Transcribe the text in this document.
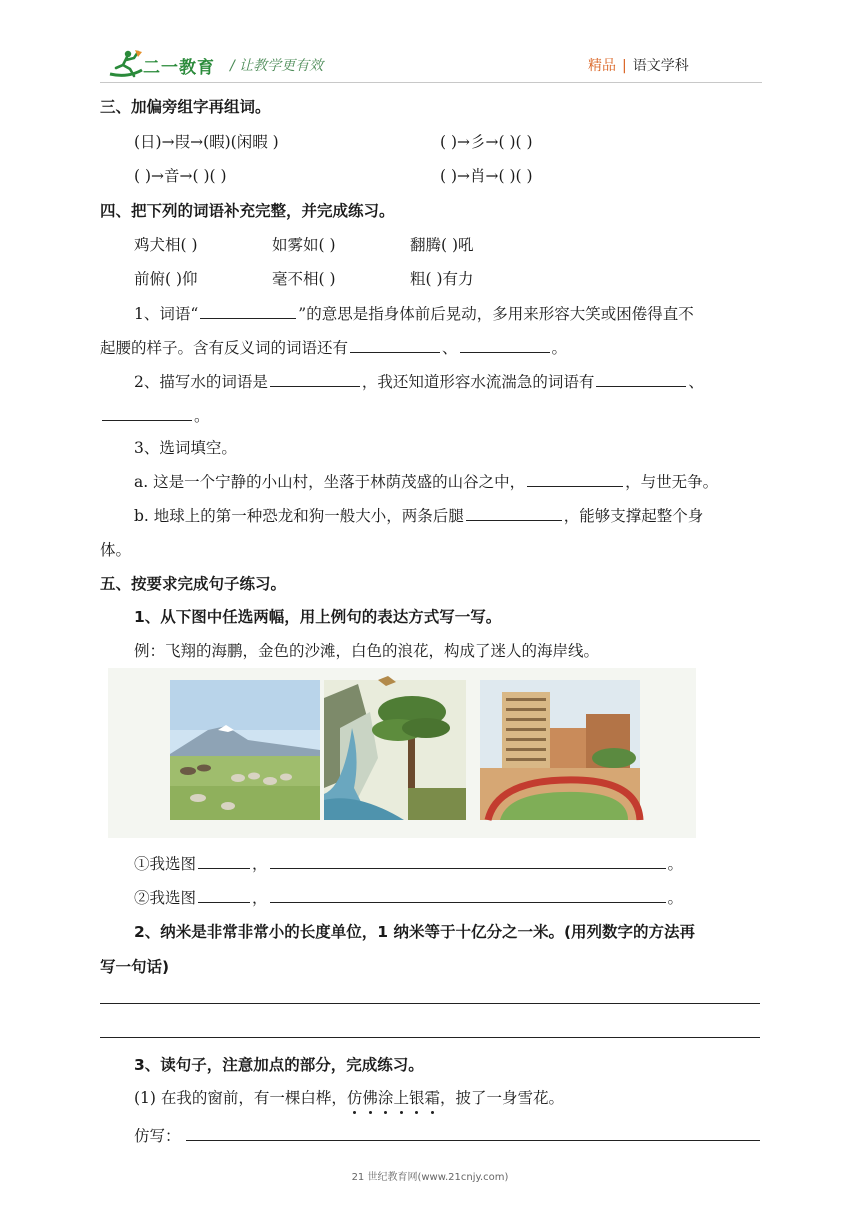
二一教育 / 让教学更有效	精品 | 语文学科
三、加偏旁组字再组词。
(日)→叚→(暇)(闲暇 )	( )→彡→( )( )
( )→音→( )( )	( )→肖→( )( )
四、把下列的词语补充完整，并完成练习。
鸡犬相( )	如雾如( )	翻腾( )吼
前俯( )仰	毫不相( )	粗( )有力
1、词语“	”的意思是指身体前后晃动，多用来形容大笑或困倦得直不
起腰的样子。含有反义词的词语还有	、	。
2、描写水的词语是	，我还知道形容水流湍急的词语有	、
。
3、选词填空。
a. 这是一个宁静的小山村，坐落于林荫茂盛的山谷之中，	，与世无争。
b. 地球上的第一种恐龙和狗一般大小，两条后腿	，能够支撑起整个身
体。
五、按要求完成句子练习。
1、从下图中任选两幅，用上例句的表达方式写一写。
例：飞翔的海鹏，金色的沙滩，白色的浪花，构成了迷人的海岸线。
①我选图	，	。
②我选图	，	。
2、纳米是非常非常小的长度单位，1 纳米等于十亿分之一米。(用列数字的方法再
写一句话)
3、读句子，注意加点的部分，完成练习。
(1) 在我的窗前，有一棵白桦，仿佛涂上银霜，披了一身雪花。
仿写：
21 世纪教育网(www.21cnjy.com)
